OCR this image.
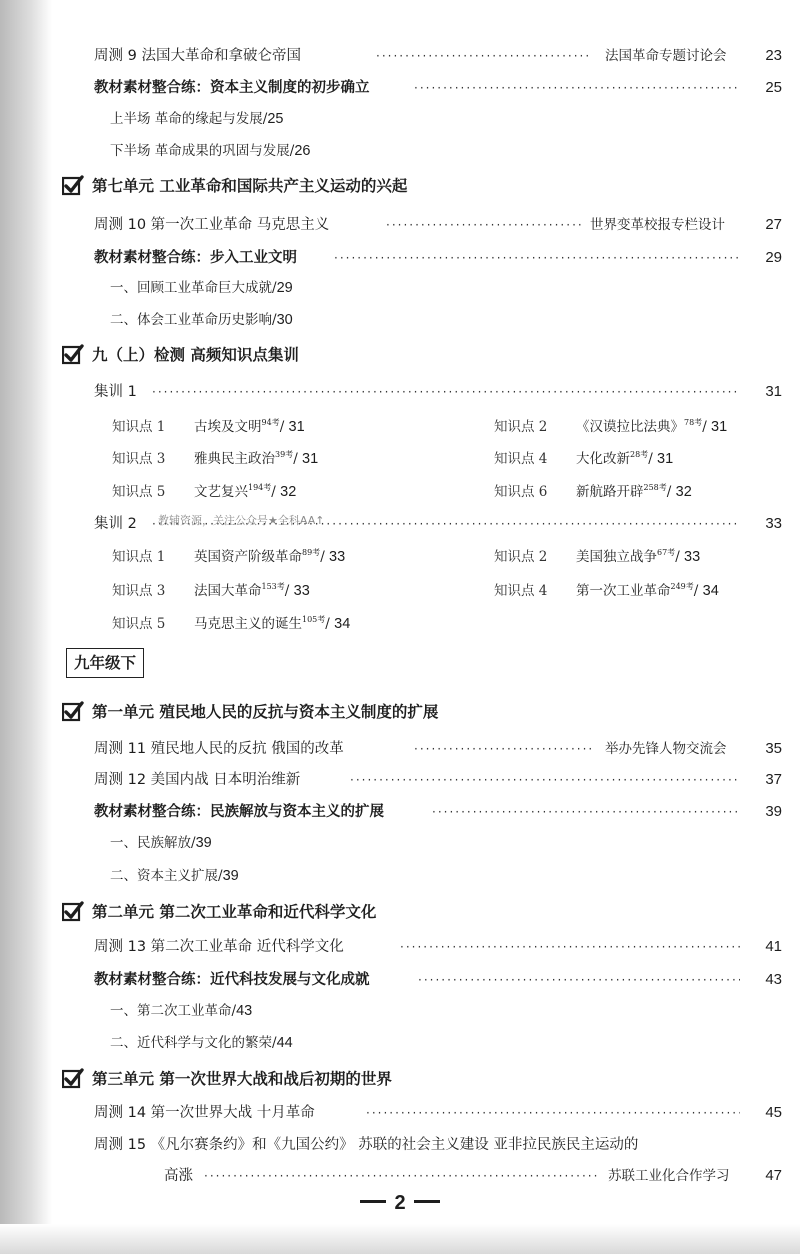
周测 9 法国大革命和拿破仑帝国 ·····	法国革命专题讨论会	23
教材素材整合练：资本主义制度的初步确立 ·····	25
上半场 革命的缘起与发展/25
下半场 革命成果的巩固与发展/26
第七单元 工业革命和国际共产主义运动的兴起
周测 10 第一次工业革命 马克思主义 ·····	世界变革校报专栏设计	27
教材素材整合练：步入工业文明 ·····	29
一、回顾工业革命巨大成就/29
二、体会工业革命历史影响/30
九（上）检测 高频知识点集训
集训 1 ·····	31
知识点 1 古埃及文明$^{94考}$/ 31	知识点 2 《汉谟拉比法典》$^{78考}$/ 31
知识点 3 雅典民主政治$^{39考}$/ 31	知识点 4 大化改新$^{28考}$/ 31
知识点 5 文艺复兴$^{194考}$/ 32	知识点 6 新航路开辟$^{258考}$/ 32
集训 2 ·····	33
教辅资源，关注公众号★全科AA↑
知识点 1 英国资产阶级革命$^{89考}$/ 33	知识点 2 美国独立战争$^{67考}$/ 33
知识点 3 法国大革命$^{153考}$/ 33	知识点 4 第一次工业革命$^{249考}$/ 34
知识点 5 马克思主义的诞生$^{105考}$/ 34
九年级下
第一单元 殖民地人民的反抗与资本主义制度的扩展
周测 11 殖民地人民的反抗 俄国的改革 ·····	举办先锋人物交流会	35
周测 12 美国内战 日本明治维新 ·····	37
教材素材整合练：民族解放与资本主义的扩展 ·····	39
一、民族解放/39
二、资本主义扩展/39
第二单元 第二次工业革命和近代科学文化
周测 13 第二次工业革命 近代科学文化 ·····	41
教材素材整合练：近代科技发展与文化成就 ·····	43
一、第二次工业革命/43
二、近代科学与文化的繁荣/44
第三单元 第一次世界大战和战后初期的世界
周测 14 第一次世界大战 十月革命 ·····	45
周测 15 《凡尔赛条约》和《九国公约》 苏联的社会主义建设 亚非拉民族民主运动的
高涨 ·····	苏联工业化合作学习	47
2
